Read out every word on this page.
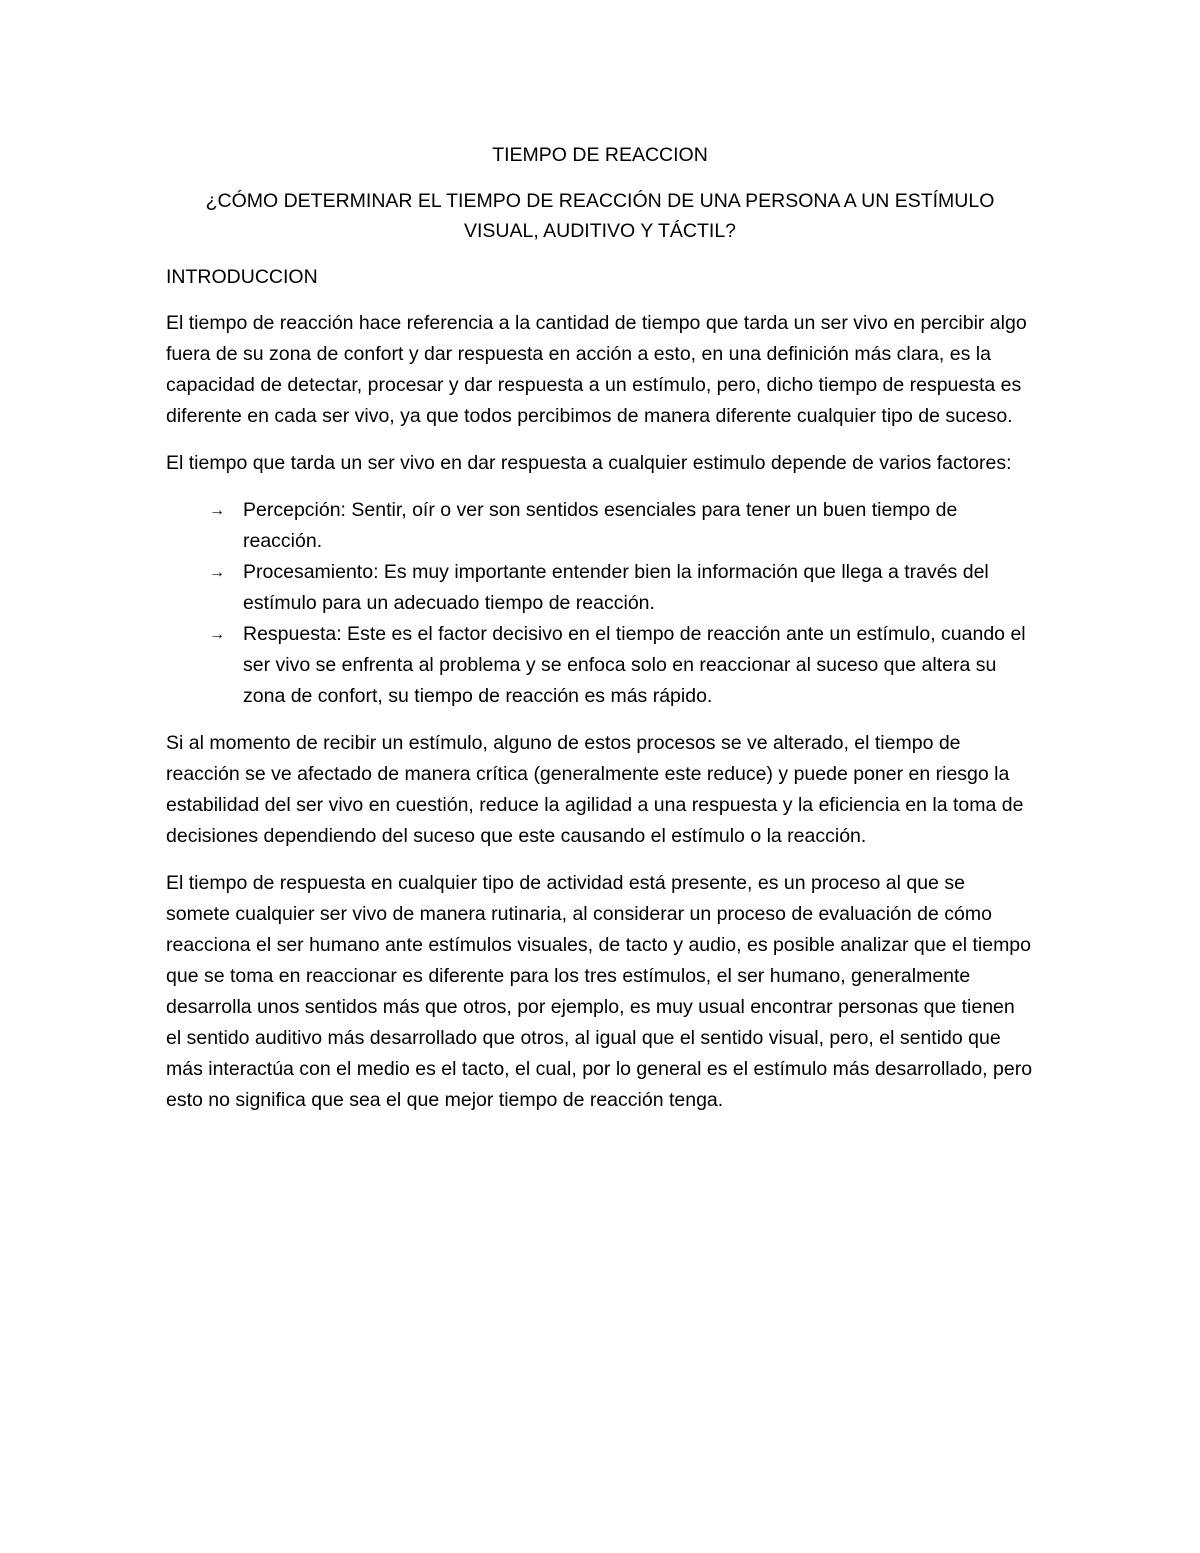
TIEMPO DE REACCION

¿CÓMO DETERMINAR EL TIEMPO DE REACCIÓN DE UNA PERSONA A UN ESTÍMULO VISUAL, AUDITIVO Y TÁCTIL?

INTRODUCCION

El tiempo de reacción hace referencia a la cantidad de tiempo que tarda un ser vivo en percibir algo fuera de su zona de confort y dar respuesta en acción a esto, en una definición más clara, es la capacidad de detectar, procesar y dar respuesta a un estímulo, pero, dicho tiempo de respuesta es diferente en cada ser vivo, ya que todos percibimos de manera diferente cualquier tipo de suceso.

El tiempo que tarda un ser vivo en dar respuesta a cualquier estimulo depende de varios factores:

→ Percepción: Sentir, oír o ver son sentidos esenciales para tener un buen tiempo de reacción.
→ Procesamiento: Es muy importante entender bien la información que llega a través del estímulo para un adecuado tiempo de reacción.
→ Respuesta: Este es el factor decisivo en el tiempo de reacción ante un estímulo, cuando el ser vivo se enfrenta al problema y se enfoca solo en reaccionar al suceso que altera su zona de confort, su tiempo de reacción es más rápido.

Si al momento de recibir un estímulo, alguno de estos procesos se ve alterado, el tiempo de reacción se ve afectado de manera crítica (generalmente este reduce) y puede poner en riesgo la estabilidad del ser vivo en cuestión, reduce la agilidad a una respuesta y la eficiencia en la toma de decisiones dependiendo del suceso que este causando el estímulo o la reacción.

El tiempo de respuesta en cualquier tipo de actividad está presente, es un proceso al que se somete cualquier ser vivo de manera rutinaria, al considerar un proceso de evaluación de cómo reacciona el ser humano ante estímulos visuales, de tacto y audio, es posible analizar que el tiempo que se toma en reaccionar es diferente para los tres estímulos, el ser humano, generalmente desarrolla unos sentidos más que otros, por ejemplo, es muy usual encontrar personas que tienen el sentido auditivo más desarrollado que otros, al igual que el sentido visual, pero, el sentido que más interactúa con el medio es el tacto, el cual, por lo general es el estímulo más desarrollado, pero esto no significa que sea el que mejor tiempo de reacción tenga.
